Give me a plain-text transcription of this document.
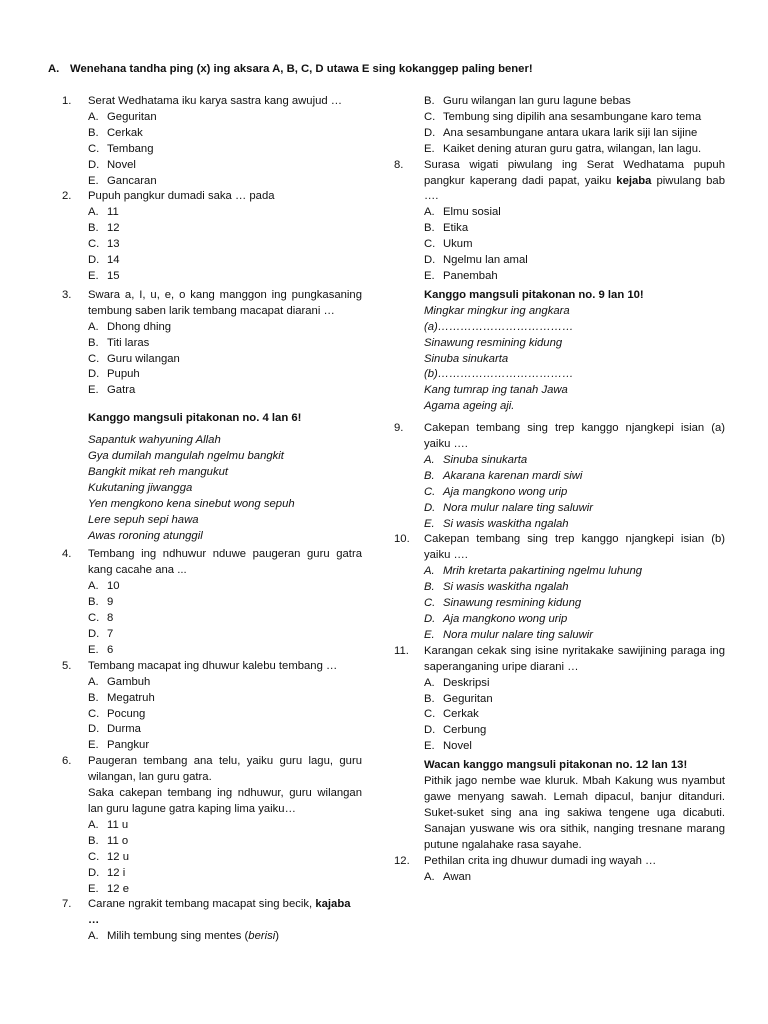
A. Wenehana tandha ping (x) ing aksara A, B, C, D utawa E sing kokanggep paling bener!
1.	Serat Wedhatama iku karya sastra kang awujud …
A. Geguritan
B. Cerkak
C. Tembang
D. Novel
E. Gancaran
2.	Pupuh pangkur dumadi saka … pada
A. 11
B. 12
C. 13
D. 14
E. 15
3.	Swara a, I, u, e, o kang manggon ing pungkasaning tembung saben larik tembang macapat diarani …
A. Dhong dhing
B. Titi laras
C. Guru wilangan
D. Pupuh
E. Gatra
Kanggo mangsuli pitakonan no. 4 lan 6!
Sapantuk wahyuning Allah
Gya dumilah mangulah ngelmu bangkit
Bangkit mikat reh mangukut
Kukutaning jiwangga
Yen mengkono kena sinebut wong sepuh
Lere sepuh sepi hawa
Awas roroning atunggil
4.	Tembang ing ndhuwur nduwe paugeran guru gatra kang cacahe ana ...
A. 10
B. 9
C. 8
D. 7
E. 6
5.	Tembang macapat ing dhuwur kalebu tembang …
A. Gambuh
B. Megatruh
C. Pocung
D. Durma
E. Pangkur
6.	Paugeran tembang ana telu, yaiku guru lagu, guru wilangan, lan guru gatra.
Saka cakepan tembang ing ndhuwur, guru wilangan lan guru lagune gatra kaping lima yaiku…
A. 11 u
B. 11 o
C. 12 u
D. 12 i
E. 12 e
7.	Carane ngrakit tembang macapat sing becik, kajaba
…
A. Milih tembung sing mentes (berisi)
B. Guru wilangan lan guru lagune bebas
C. Tembung sing dipilih ana sesambungane karo tema
D. Ana sesambungane antara ukara larik siji lan sijine
E. Kaiket dening aturan guru gatra, wilangan, lan lagu.
8.	Surasa wigati piwulang ing Serat Wedhatama pupuh pangkur kaperang dadi papat, yaiku kejaba piwulang bab ….
A. Elmu sosial
B. Etika
C. Ukum
D. Ngelmu lan amal
E. Panembah
Kanggo mangsuli pitakonan no. 9 lan 10!
Mingkar mingkur ing angkara
(a)………………………………
Sinawung resmining kidung
Sinuba sinukarta
(b)………………………………
Kang tumrap ing tanah Jawa
Agama ageing aji.
9.	Cakepan tembang sing trep kanggo njangkepi isian (a) yaiku ….
A. Sinuba sinukarta
B. Akarana karenan mardi siwi
C. Aja mangkono wong urip
D. Nora mulur nalare ting saluwir
E. Si wasis waskitha ngalah
10.	Cakepan tembang sing trep kanggo njangkepi isian (b) yaiku ….
A. Mrih kretarta pakartining ngelmu luhung
B. Si wasis waskitha ngalah
C. Sinawung resmining kidung
D. Aja mangkono wong urip
E. Nora mulur nalare ting saluwir
11.	Karangan cekak sing isine nyritakake sawijining paraga ing saperanganing uripe diarani …
A. Deskripsi
B. Geguritan
C. Cerkak
D. Cerbung
E. Novel
Wacan kanggo mangsuli pitakonan no. 12 lan 13!
Pithik jago nembe wae kluruk. Mbah Kakung wus nyambut gawe menyang sawah. Lemah dipacul, banjur ditanduri. Suket-suket sing ana ing sakiwa tengene uga dicabuti. Sanajan yuswane wis ora sithik, nanging tresnane marang putune ngalahake rasa sayahe.
12.	Pethilan crita ing dhuwur dumadi ing wayah …
A. Awan
